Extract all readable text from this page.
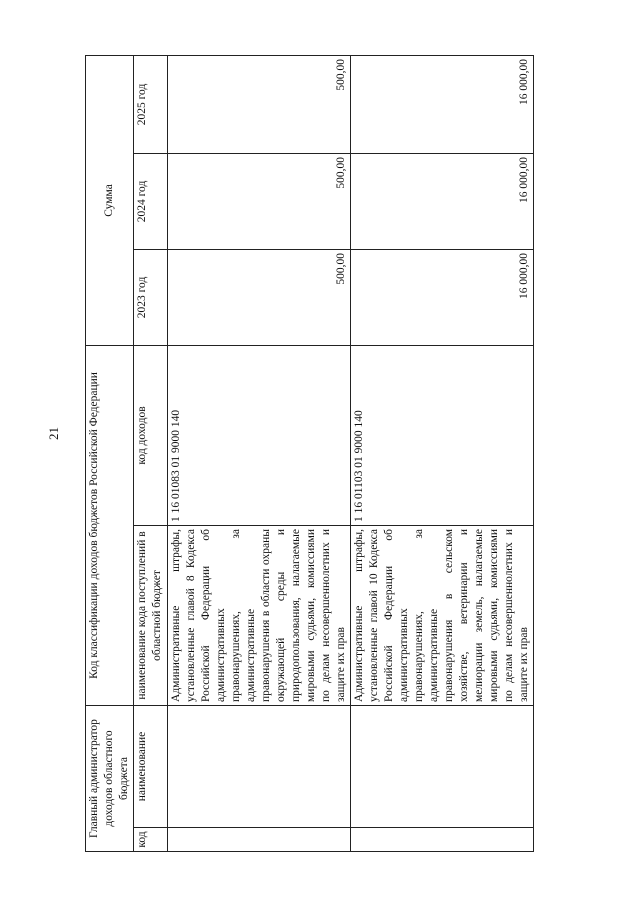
21
Главный администратор доходов областного бюджета		Код классификации доходов бюджетов Российской Федерации		Сумма		
код	наименование	наименование кода поступлений в областной бюджет	код доходов	2023 год	2024 год	2025 год
		Административные штрафы, установленные главой 8 Кодекса Российской Федерации об административных правонарушениях, за административные правонарушения в области охраны окружающей среды и природопользования, налагаемые мировыми судьями, комиссиями по делам несовершеннолетних и защите их прав	1 16 01083 01 9000 140	500,00	500,00	500,00
		Административные штрафы, установленные главой 10 Кодекса Российской Федерации об административных правонарушениях, за административные правонарушения в сельском хозяйстве, ветеринарии и мелиорации земель, налагаемые мировыми судьями, комиссиями по делам несовершеннолетних и защите их прав	1 16 01103 01 9000 140	16 000,00	16 000,00	16 000,00
